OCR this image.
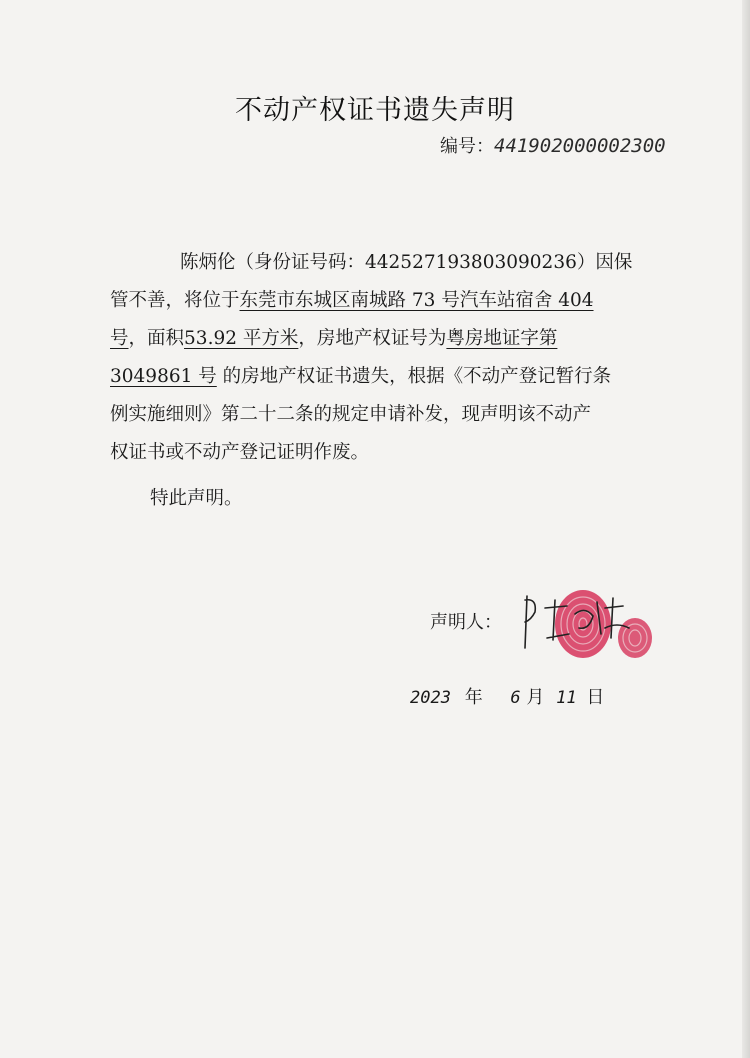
不动产权证书遗失声明
编号：441902000002300
陈炳伦（身份证号码：442527193803090236）因保
管不善，将位于东莞市东城区南城路 73 号汽车站宿舍 404
号，面积53.92 平方米，房地产权证号为粤房地证字第
3049861 号 的房地产权证书遗失，根据《不动产登记暂行条
例实施细则》第二十二条的规定申请补发，现声明该不动产
权证书或不动产登记证明作废。
特此声明。
声明人：
陈炳伦
2023 年 6 月 11 日
